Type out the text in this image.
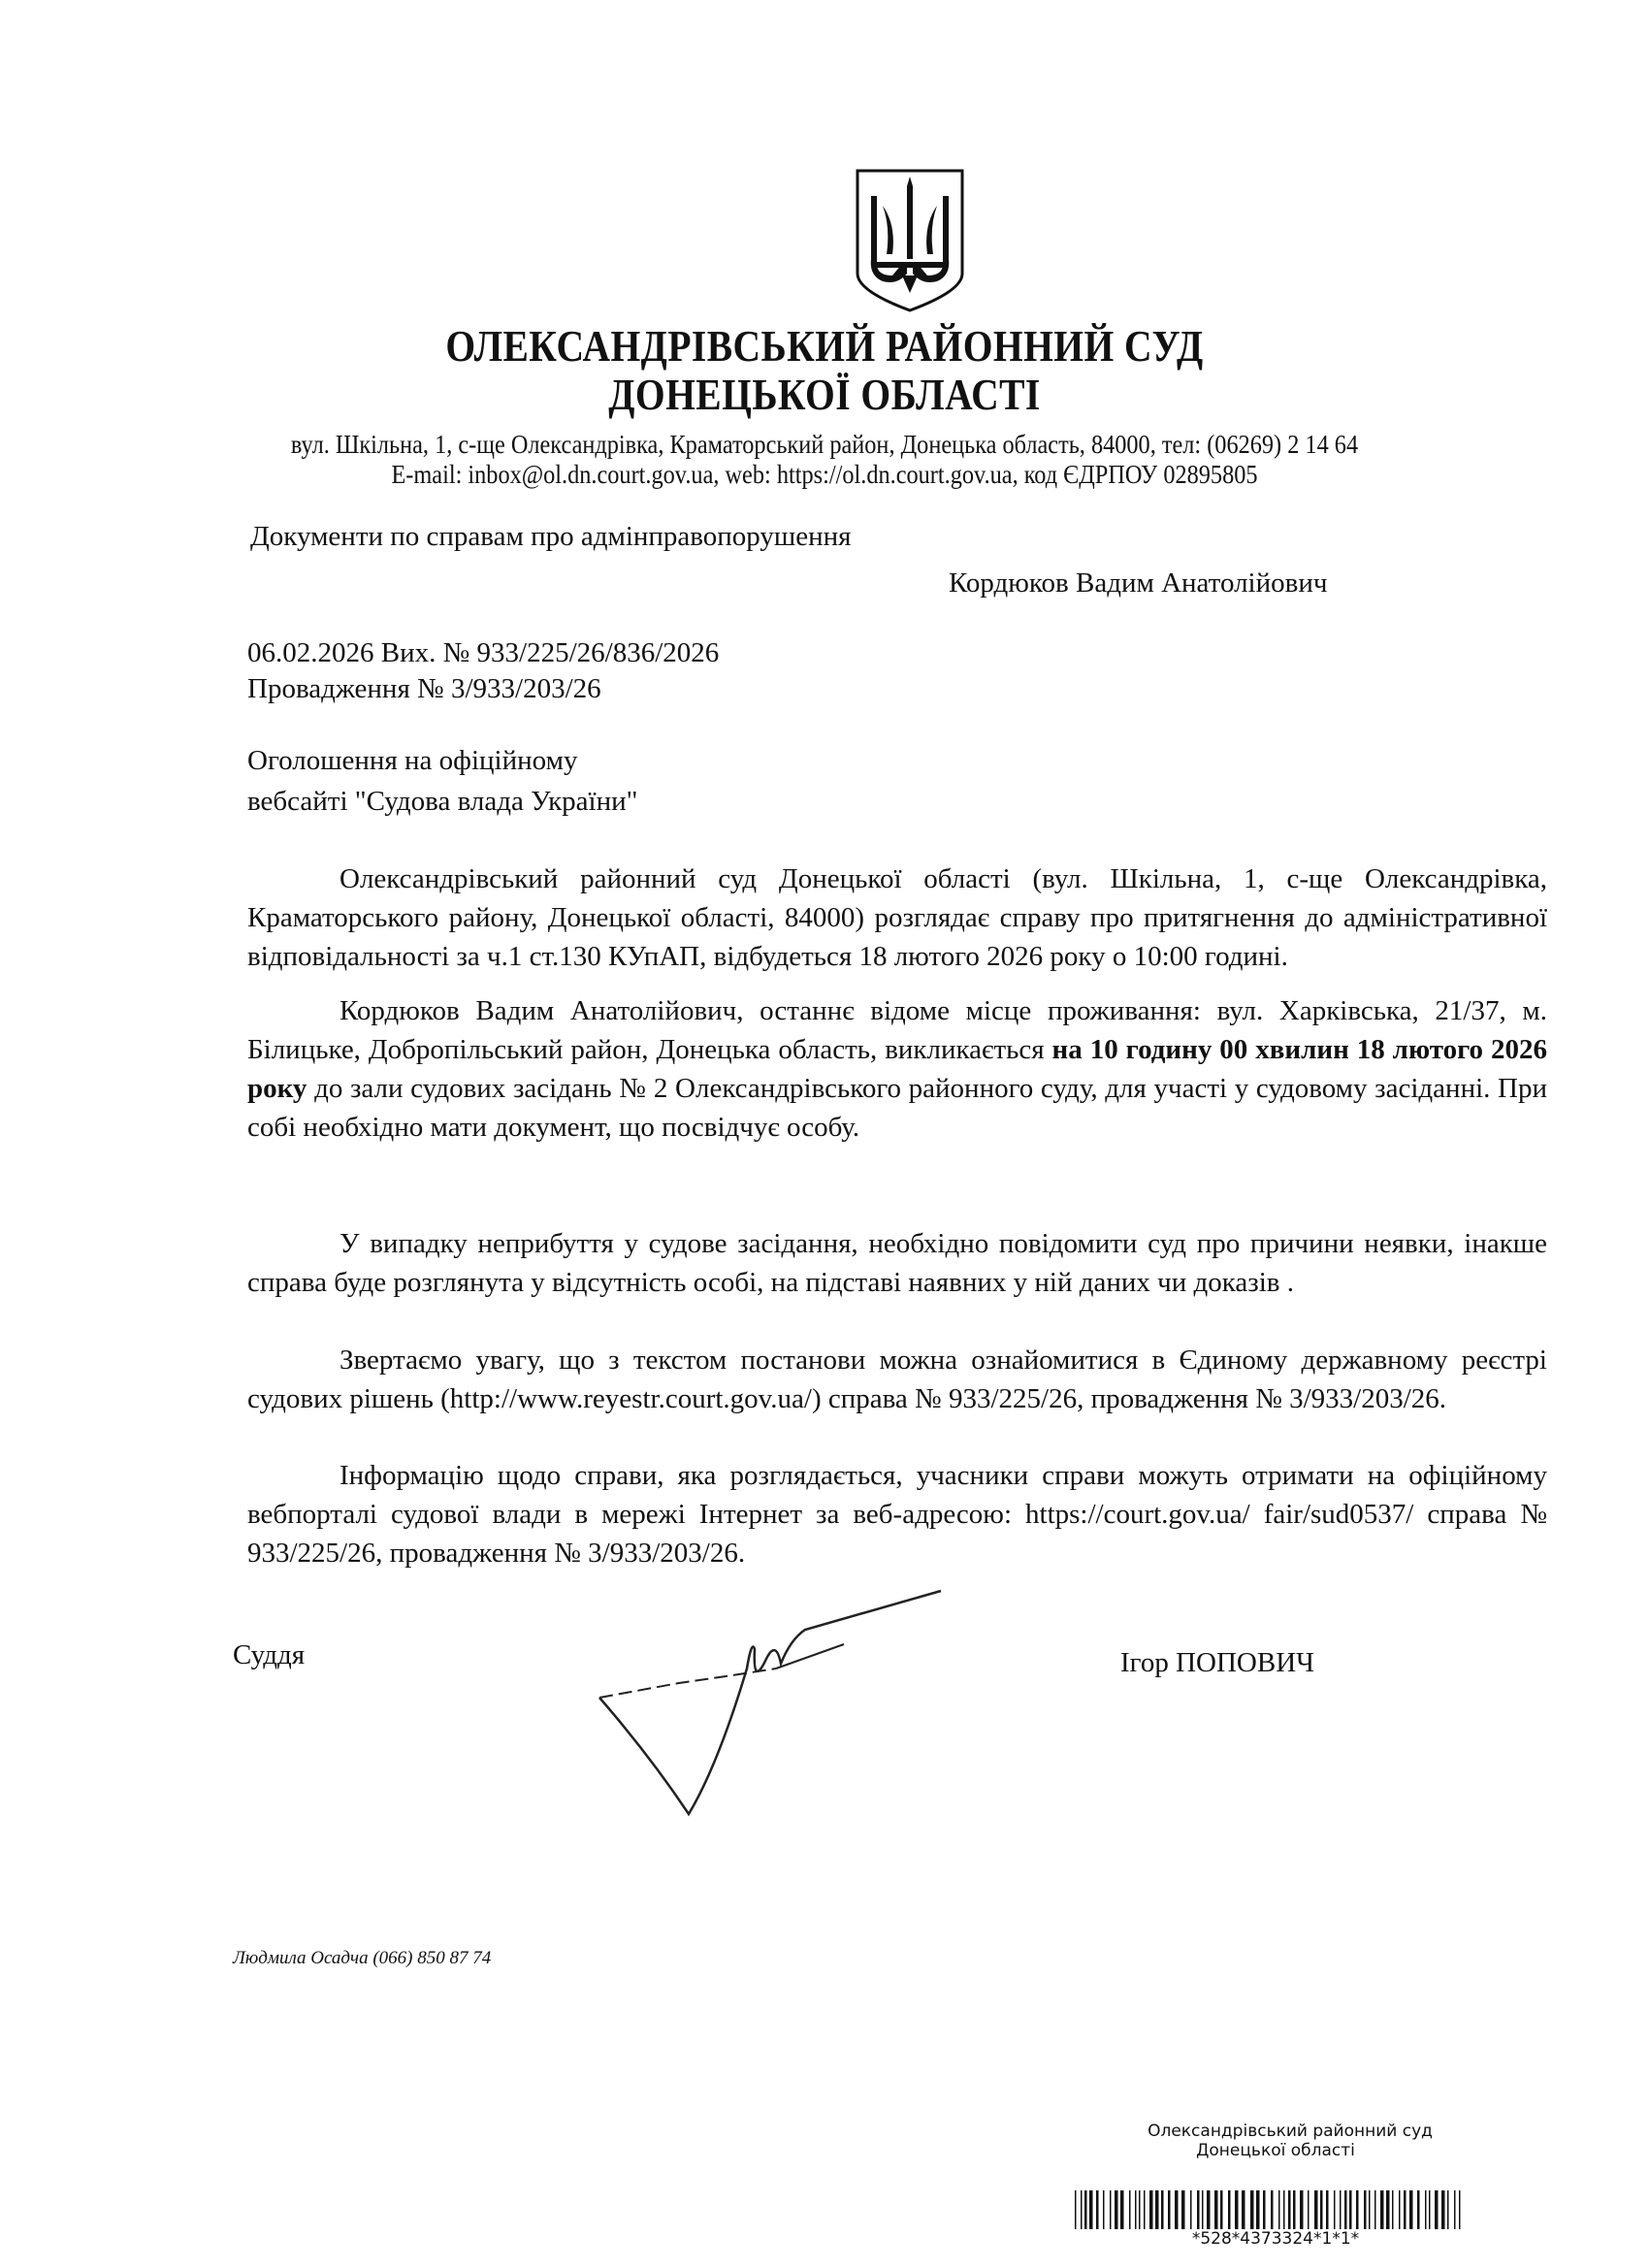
ОЛЕКСАНДРІВСЬКИЙ РАЙОННИЙ СУД
ДОНЕЦЬКОЇ ОБЛАСТІ
вул. Шкільна, 1, с-ще Олександрівка, Краматорський район, Донецька область, 84000, тел: (06269) 2 14 64
E-mail: inbox@ol.dn.court.gov.ua, web: https://ol.dn.court.gov.ua, код ЄДРПОУ 02895805
Документи по справам про адмінправопорушення
Кордюков Вадим Анатолійович
06.02.2026 Вих. № 933/225/26/836/2026
Провадження № 3/933/203/26
Оголошення на офіційному
вебсайті "Судова влада України"
Олександрівський районний суд Донецької області (вул. Шкільна, 1, с-ще Олександрівка, Краматорського району, Донецької області, 84000) розглядає справу про притягнення до адміністративної відповідальності за ч.1 ст.130 КУпАП, відбудеться 18 лютого 2026 року о 10:00 годині.
Кордюков Вадим Анатолійович, останнє відоме місце проживання: вул. Харківська, 21/37, м. Білицьке, Добропільський район, Донецька область, викликається на 10 годину 00 хвилин 18 лютого 2026 року до зали судових засідань № 2 Олександрівського районного суду, для участі у судовому засіданні. При собі необхідно мати документ, що посвідчує особу.
У випадку неприбуття у судове засідання, необхідно повідомити суд про причини неявки, інакше справа буде розглянута у відсутність особі, на підставі наявних у ній даних чи доказів .
Звертаємо увагу, що з текстом постанови можна ознайомитися в Єдиному державному реєстрі судових рішень (http://www.reyestr.court.gov.ua/) справа № 933/225/26, провадження № 3/933/203/26.
Інформацію щодо справи, яка розглядається, учасники справи можуть отримати на офіційному вебпорталі судової влади в мережі Інтернет за веб-адресою: https://court.gov.ua/ fair/sud0537/ справа № 933/225/26, провадження № 3/933/203/26.
Суддя	Ігор ПОПОВИЧ
Людмила Осадча (066) 850 87 74
Олександрівський районний суд
Донецької області
*528*4373324*1*1*
